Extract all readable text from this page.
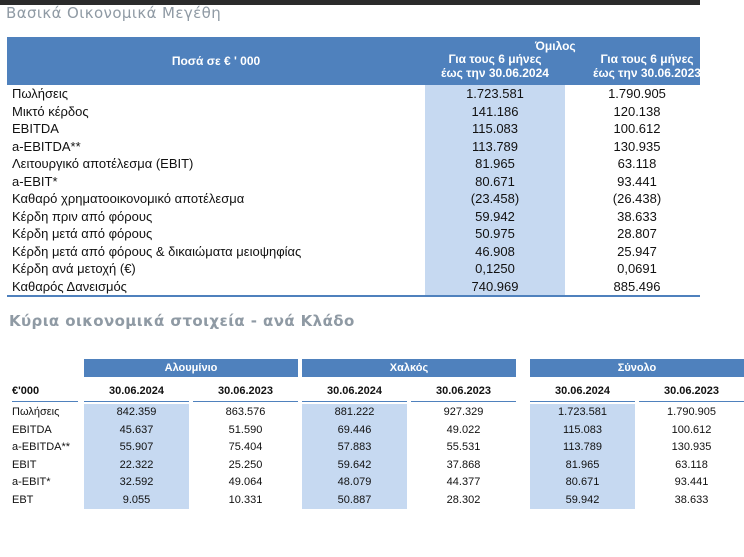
Βασικά Οικονομικά Μεγέθη
Ποσά σε € ' 000
Όμιλος
Για τους 6 μήνες
έως την 30.06.2024
Για τους 6 μήνες
έως την 30.06.2023
Πωλήσεις	1.723.581	1.790.905
Μικτό κέρδος	141.186	120.138
EBITDA	115.083	100.612
a-EBITDA**	113.789	130.935
Λειτουργικό αποτέλεσμα (EBIT)	81.965	63.118
a-EBIT*	80.671	93.441
Καθαρό χρηματοοικονομικό αποτέλεσμα	(23.458)	(26.438)
Κέρδη πριν από φόρους	59.942	38.633
Κέρδη μετά από φόρους	50.975	28.807
Κέρδη μετά από φόρους & δικαιώματα μειοψηφίας	46.908	25.947
Κέρδη ανά μετοχή (€)	0,1250	0,0691
Καθαρός Δανεισμός	740.969	885.496
Κύρια οικονομικά στοιχεία - ανά Κλάδο
€'000
Αλουμίνιο
30.06.2024	30.06.2023
Χαλκός
30.06.2024	30.06.2023
Σύνολο
30.06.2024	30.06.2023
Πωλήσεις	842.359	863.576	881.222	927.329	1.723.581	1.790.905
EBITDA	45.637	51.590	69.446	49.022	115.083	100.612
a-EBITDA**	55.907	75.404	57.883	55.531	113.789	130.935
EBIT	22.322	25.250	59.642	37.868	81.965	63.118
a-EBIT*	32.592	49.064	48.079	44.377	80.671	93.441
EBT	9.055	10.331	50.887	28.302	59.942	38.633
